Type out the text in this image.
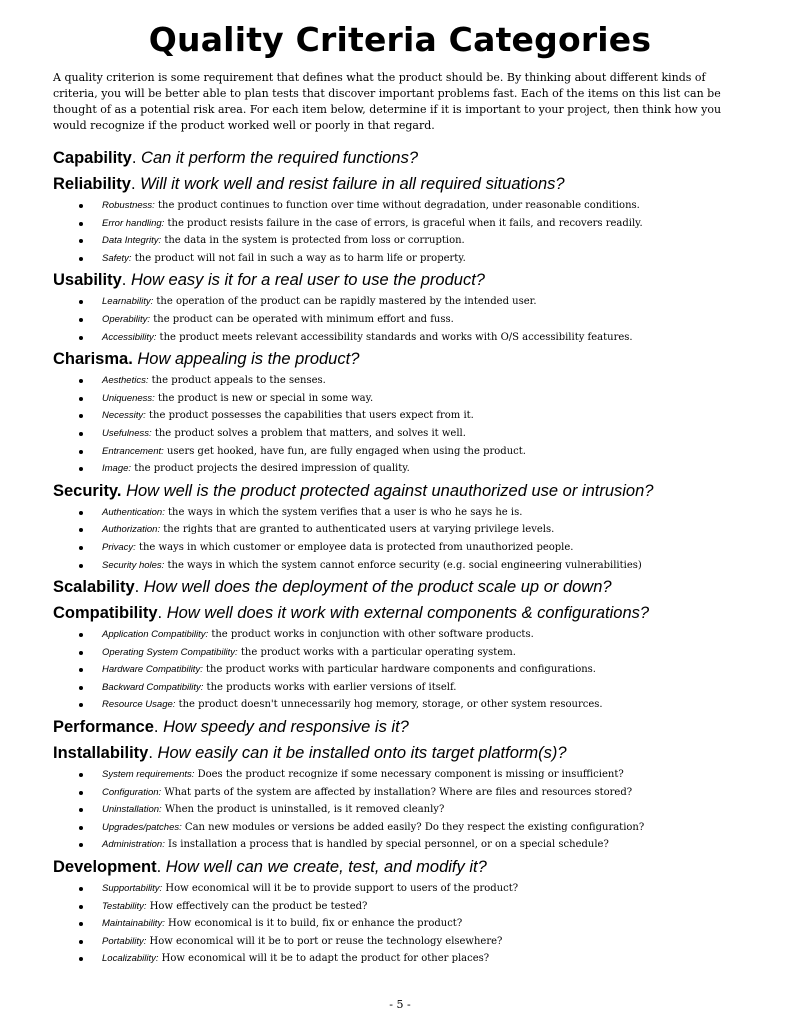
Quality Criteria Categories

A quality criterion is some requirement that defines what the product should be. By thinking about different kinds of criteria, you will be better able to plan tests that discover important problems fast. Each of the items on this list can be thought of as a potential risk area. For each item below, determine if it is important to your project, then think how you would recognize if the product worked well or poorly in that regard.

Capability. Can it perform the required functions?
Reliability. Will it work well and resist failure in all required situations?
Robustness: the product continues to function over time without degradation, under reasonable conditions.
Error handling: the product resists failure in the case of errors, is graceful when it fails, and recovers readily.
Data Integrity: the data in the system is protected from loss or corruption.
Safety: the product will not fail in such a way as to harm life or property.
Usability. How easy is it for a real user to use the product?
Learnability: the operation of the product can be rapidly mastered by the intended user.
Operability: the product can be operated with minimum effort and fuss.
Accessibility: the product meets relevant accessibility standards and works with O/S accessibility features.
Charisma. How appealing is the product?
Aesthetics: the product appeals to the senses.
Uniqueness: the product is new or special in some way.
Necessity: the product possesses the capabilities that users expect from it.
Usefulness: the product solves a problem that matters, and solves it well.
Entrancement: users get hooked, have fun, are fully engaged when using the product.
Image: the product projects the desired impression of quality.
Security. How well is the product protected against unauthorized use or intrusion?
Authentication: the ways in which the system verifies that a user is who he says he is.
Authorization: the rights that are granted to authenticated users at varying privilege levels.
Privacy: the ways in which customer or employee data is protected from unauthorized people.
Security holes: the ways in which the system cannot enforce security (e.g. social engineering vulnerabilities)
Scalability. How well does the deployment of the product scale up or down?
Compatibility. How well does it work with external components & configurations?
Application Compatibility: the product works in conjunction with other software products.
Operating System Compatibility: the product works with a particular operating system.
Hardware Compatibility: the product works with particular hardware components and configurations.
Backward Compatibility: the products works with earlier versions of itself.
Resource Usage: the product doesn't unnecessarily hog memory, storage, or other system resources.
Performance. How speedy and responsive is it?
Installability. How easily can it be installed onto its target platform(s)?
System requirements: Does the product recognize if some necessary component is missing or insufficient?
Configuration: What parts of the system are affected by installation? Where are files and resources stored?
Uninstallation: When the product is uninstalled, is it removed cleanly?
Upgrades/patches: Can new modules or versions be added easily? Do they respect the existing configuration?
Administration: Is installation a process that is handled by special personnel, or on a special schedule?
Development. How well can we create, test, and modify it?
Supportability: How economical will it be to provide support to users of the product?
Testability: How effectively can the product be tested?
Maintainability: How economical is it to build, fix or enhance the product?
Portability: How economical will it be to port or reuse the technology elsewhere?
Localizability: How economical will it be to adapt the product for other places?
- 5 -
